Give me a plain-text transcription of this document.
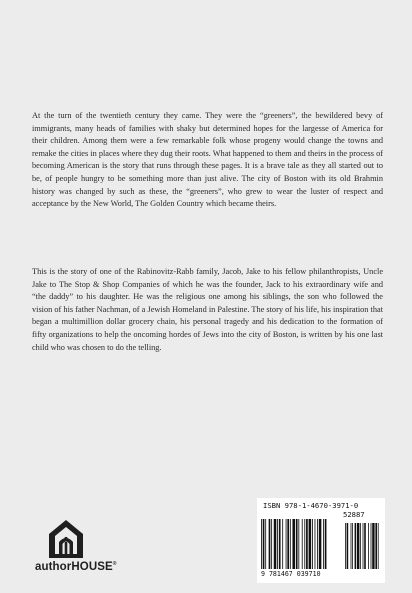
At the turn of the twentieth century they came. They were the “greeners”, the bewildered bevy of immigrants, many heads of families with shaky but determined hopes for the largesse of America for their children. Among them were a few remarkable folk whose progeny would change the towns and remake the cities in places where they dug their roots. What happened to them and theirs in the process of becoming American is the story that runs through these pages. It is a brave tale as they all started out to be, of people hungry to be something more than just alive. The city of Boston with its old Brahmin history was changed by such as these, the “greeners”, who grew to wear the luster of respect and acceptance by the New World, The Golden Country which became theirs.

This is the story of one of the Rabinovitz-Rabb family, Jacob, Jake to his fellow philanthropists, Uncle Jake to The Stop & Shop Companies of which he was the founder, Jack to his extraordinary wife and “the daddy” to his daughter. He was the religious one among his siblings, the son who followed the vision of his father Nachman, of a Jewish Homeland in Palestine. The story of his life, his inspiration that began a multimillion dollar grocery chain, his personal tragedy and his dedication to the formation of fifty organizations to help the oncoming hordes of Jews into the city of Boston, is written by his one last child who was chosen to do the telling.

authorHOUSE®
ISBN 978-1-4670-3971-0
52887
9 781467 039710
